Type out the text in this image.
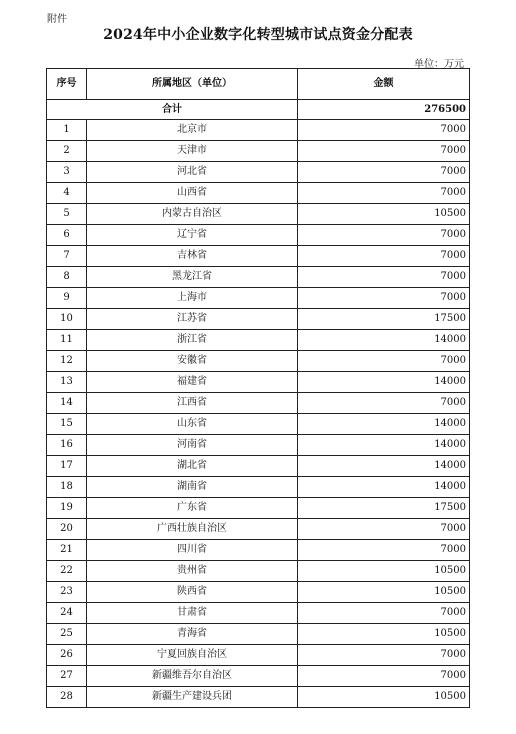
附件
2024年中小企业数字化转型城市试点资金分配表
单位：万元
序号	所属地区（单位）	金额
合计		276500
1	北京市	7000
2	天津市	7000
3	河北省	7000
4	山西省	7000
5	内蒙古自治区	10500
6	辽宁省	7000
7	吉林省	7000
8	黑龙江省	7000
9	上海市	7000
10	江苏省	17500
11	浙江省	14000
12	安徽省	7000
13	福建省	14000
14	江西省	7000
15	山东省	14000
16	河南省	14000
17	湖北省	14000
18	湖南省	14000
19	广东省	17500
20	广西壮族自治区	7000
21	四川省	7000
22	贵州省	10500
23	陕西省	10500
24	甘肃省	7000
25	青海省	10500
26	宁夏回族自治区	7000
27	新疆维吾尔自治区	7000
28	新疆生产建设兵团	10500
